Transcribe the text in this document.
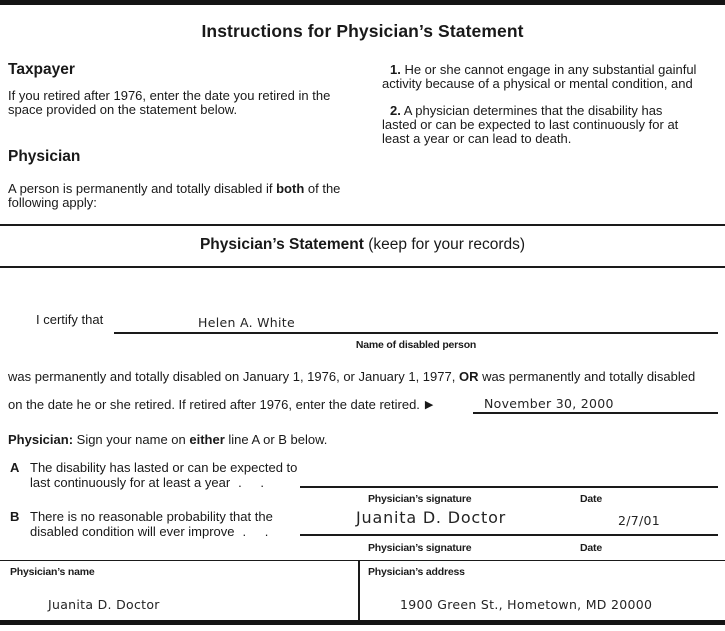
Instructions for Physician’s Statement
Taxpayer

If you retired after 1976, enter the date you retired in the space provided on the statement below.

Physician

A person is permanently and totally disabled if both of the following apply:

1. He or she cannot engage in any substantial gainful activity because of a physical or mental condition, and

2. A physician determines that the disability has lasted or can be expected to last continuously for at least a year or can lead to death.

Physician’s Statement (keep for your records)
I certify that	Helen A. White
Name of disabled person
was permanently and totally disabled on January 1, 1976, or January 1, 1977, OR was permanently and totally disabled
on the date he or she retired. If retired after 1976, enter the date retired. ▶	November 30, 2000
Physician: Sign your name on either line A or B below.
A The disability has lasted or can be expected to last continuously for at least a year . .
B There is no reasonable probability that the disabled condition will ever improve . .
Physician’s signature	Date
Juanita D. Doctor	2/7/01
Physician’s signature	Date
Physician’s name	Physician’s address
Juanita D. Doctor	1900 Green St., Hometown, MD 20000
